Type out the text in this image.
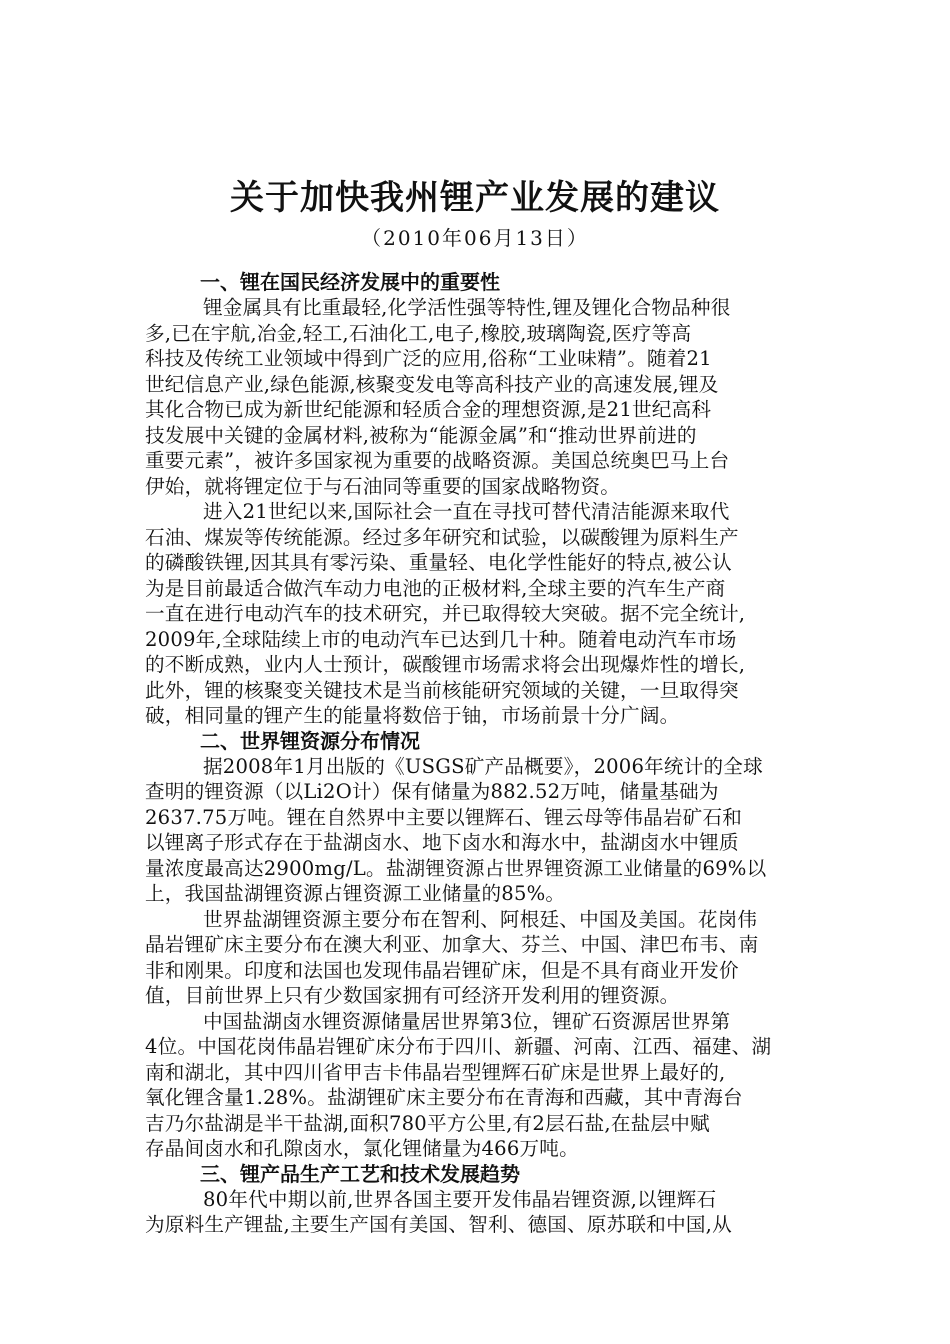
关于加快我州锂产业发展的建议
（2010年06月13日）
一、锂在国民经济发展中的重要性
锂金属具有比重最轻,化学活性强等特性,锂及锂化合物品种很
多,已在宇航,冶金,轻工,石油化工,电子,橡胶,玻璃陶瓷,医疗等高
科技及传统工业领域中得到广泛的应用,俗称“工业味精”。随着21
世纪信息产业,绿色能源,核聚变发电等高科技产业的高速发展,锂及
其化合物已成为新世纪能源和轻质合金的理想资源,是21世纪高科
技发展中关键的金属材料,被称为“能源金属”和“推动世界前进的
重要元素”，被许多国家视为重要的战略资源。美国总统奥巴马上台
伊始，就将锂定位于与石油同等重要的国家战略物资。
进入21世纪以来,国际社会一直在寻找可替代清洁能源来取代
石油、煤炭等传统能源。经过多年研究和试验，以碳酸锂为原料生产
的磷酸铁锂,因其具有零污染、重量轻、电化学性能好的特点,被公认
为是目前最适合做汽车动力电池的正极材料,全球主要的汽车生产商
一直在进行电动汽车的技术研究，并已取得较大突破。据不完全统计,
2009年,全球陆续上市的电动汽车已达到几十种。随着电动汽车市场
的不断成熟，业内人士预计，碳酸锂市场需求将会出现爆炸性的增长,
此外，锂的核聚变关键技术是当前核能研究领域的关键，一旦取得突
破，相同量的锂产生的能量将数倍于铀，市场前景十分广阔。
二、世界锂资源分布情况
据2008年1月出版的《USGS矿产品概要》，2006年统计的全球
查明的锂资源（以Li2O计）保有储量为882.52万吨，储量基础为
2637.75万吨。锂在自然界中主要以锂辉石、锂云母等伟晶岩矿石和
以锂离子形式存在于盐湖卤水、地下卤水和海水中，盐湖卤水中锂质
量浓度最高达2900mg/L。盐湖锂资源占世界锂资源工业储量的69%以
上，我国盐湖锂资源占锂资源工业储量的85%。
世界盐湖锂资源主要分布在智利、阿根廷、中国及美国。花岗伟
晶岩锂矿床主要分布在澳大利亚、加拿大、芬兰、中国、津巴布韦、南
非和刚果。印度和法国也发现伟晶岩锂矿床，但是不具有商业开发价
值，目前世界上只有少数国家拥有可经济开发利用的锂资源。
中国盐湖卤水锂资源储量居世界第3位，锂矿石资源居世界第
4位。中国花岗伟晶岩锂矿床分布于四川、新疆、河南、江西、福建、湖
南和湖北，其中四川省甲吉卡伟晶岩型锂辉石矿床是世界上最好的,
氧化锂含量1.28%。盐湖锂矿床主要分布在青海和西藏，其中青海台
吉乃尔盐湖是半干盐湖,面积780平方公里,有2层石盐,在盐层中赋
存晶间卤水和孔隙卤水，氯化锂储量为466万吨。
三、锂产品生产工艺和技术发展趋势
80年代中期以前,世界各国主要开发伟晶岩锂资源,以锂辉石
为原料生产锂盐,主要生产国有美国、智利、德国、原苏联和中国,从
